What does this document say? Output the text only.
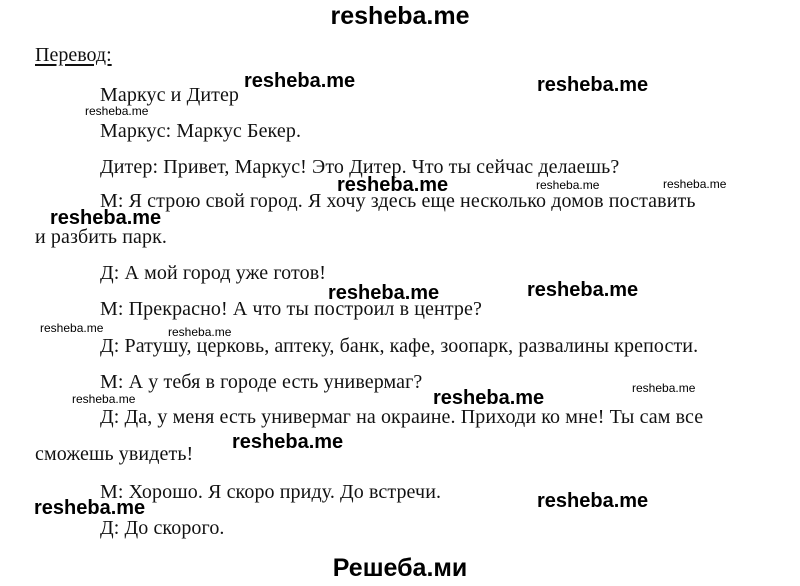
resheba.me
Перевод:
Маркус и Дитер
Маркус: Маркус Бекер.
Дитер: Привет, Маркус! Это Дитер. Что ты сейчас делаешь?
М: Я строю свой город. Я хочу здесь еще несколько домов поставить
и разбить парк.
Д: А мой город уже готов!
М: Прекрасно! А что ты построил в центре?
Д: Ратушу, церковь, аптеку, банк, кафе, зоопарк, развалины крепости.
М: А у тебя в городе есть универмаг?
Д: Да, у меня есть универмаг на окраине. Приходи ко мне! Ты сам все
сможешь увидеть!
М: Хорошо. Я скоро приду. До встречи.
Д: До скорого.
resheba.me	resheba.me
resheba.me
resheba.me	resheba.me	resheba.me
resheba.me
resheba.me	resheba.me
resheba.me	resheba.me
resheba.me	resheba.me
resheba.me
resheba.me
resheba.me	resheba.me
Решеба.ми
